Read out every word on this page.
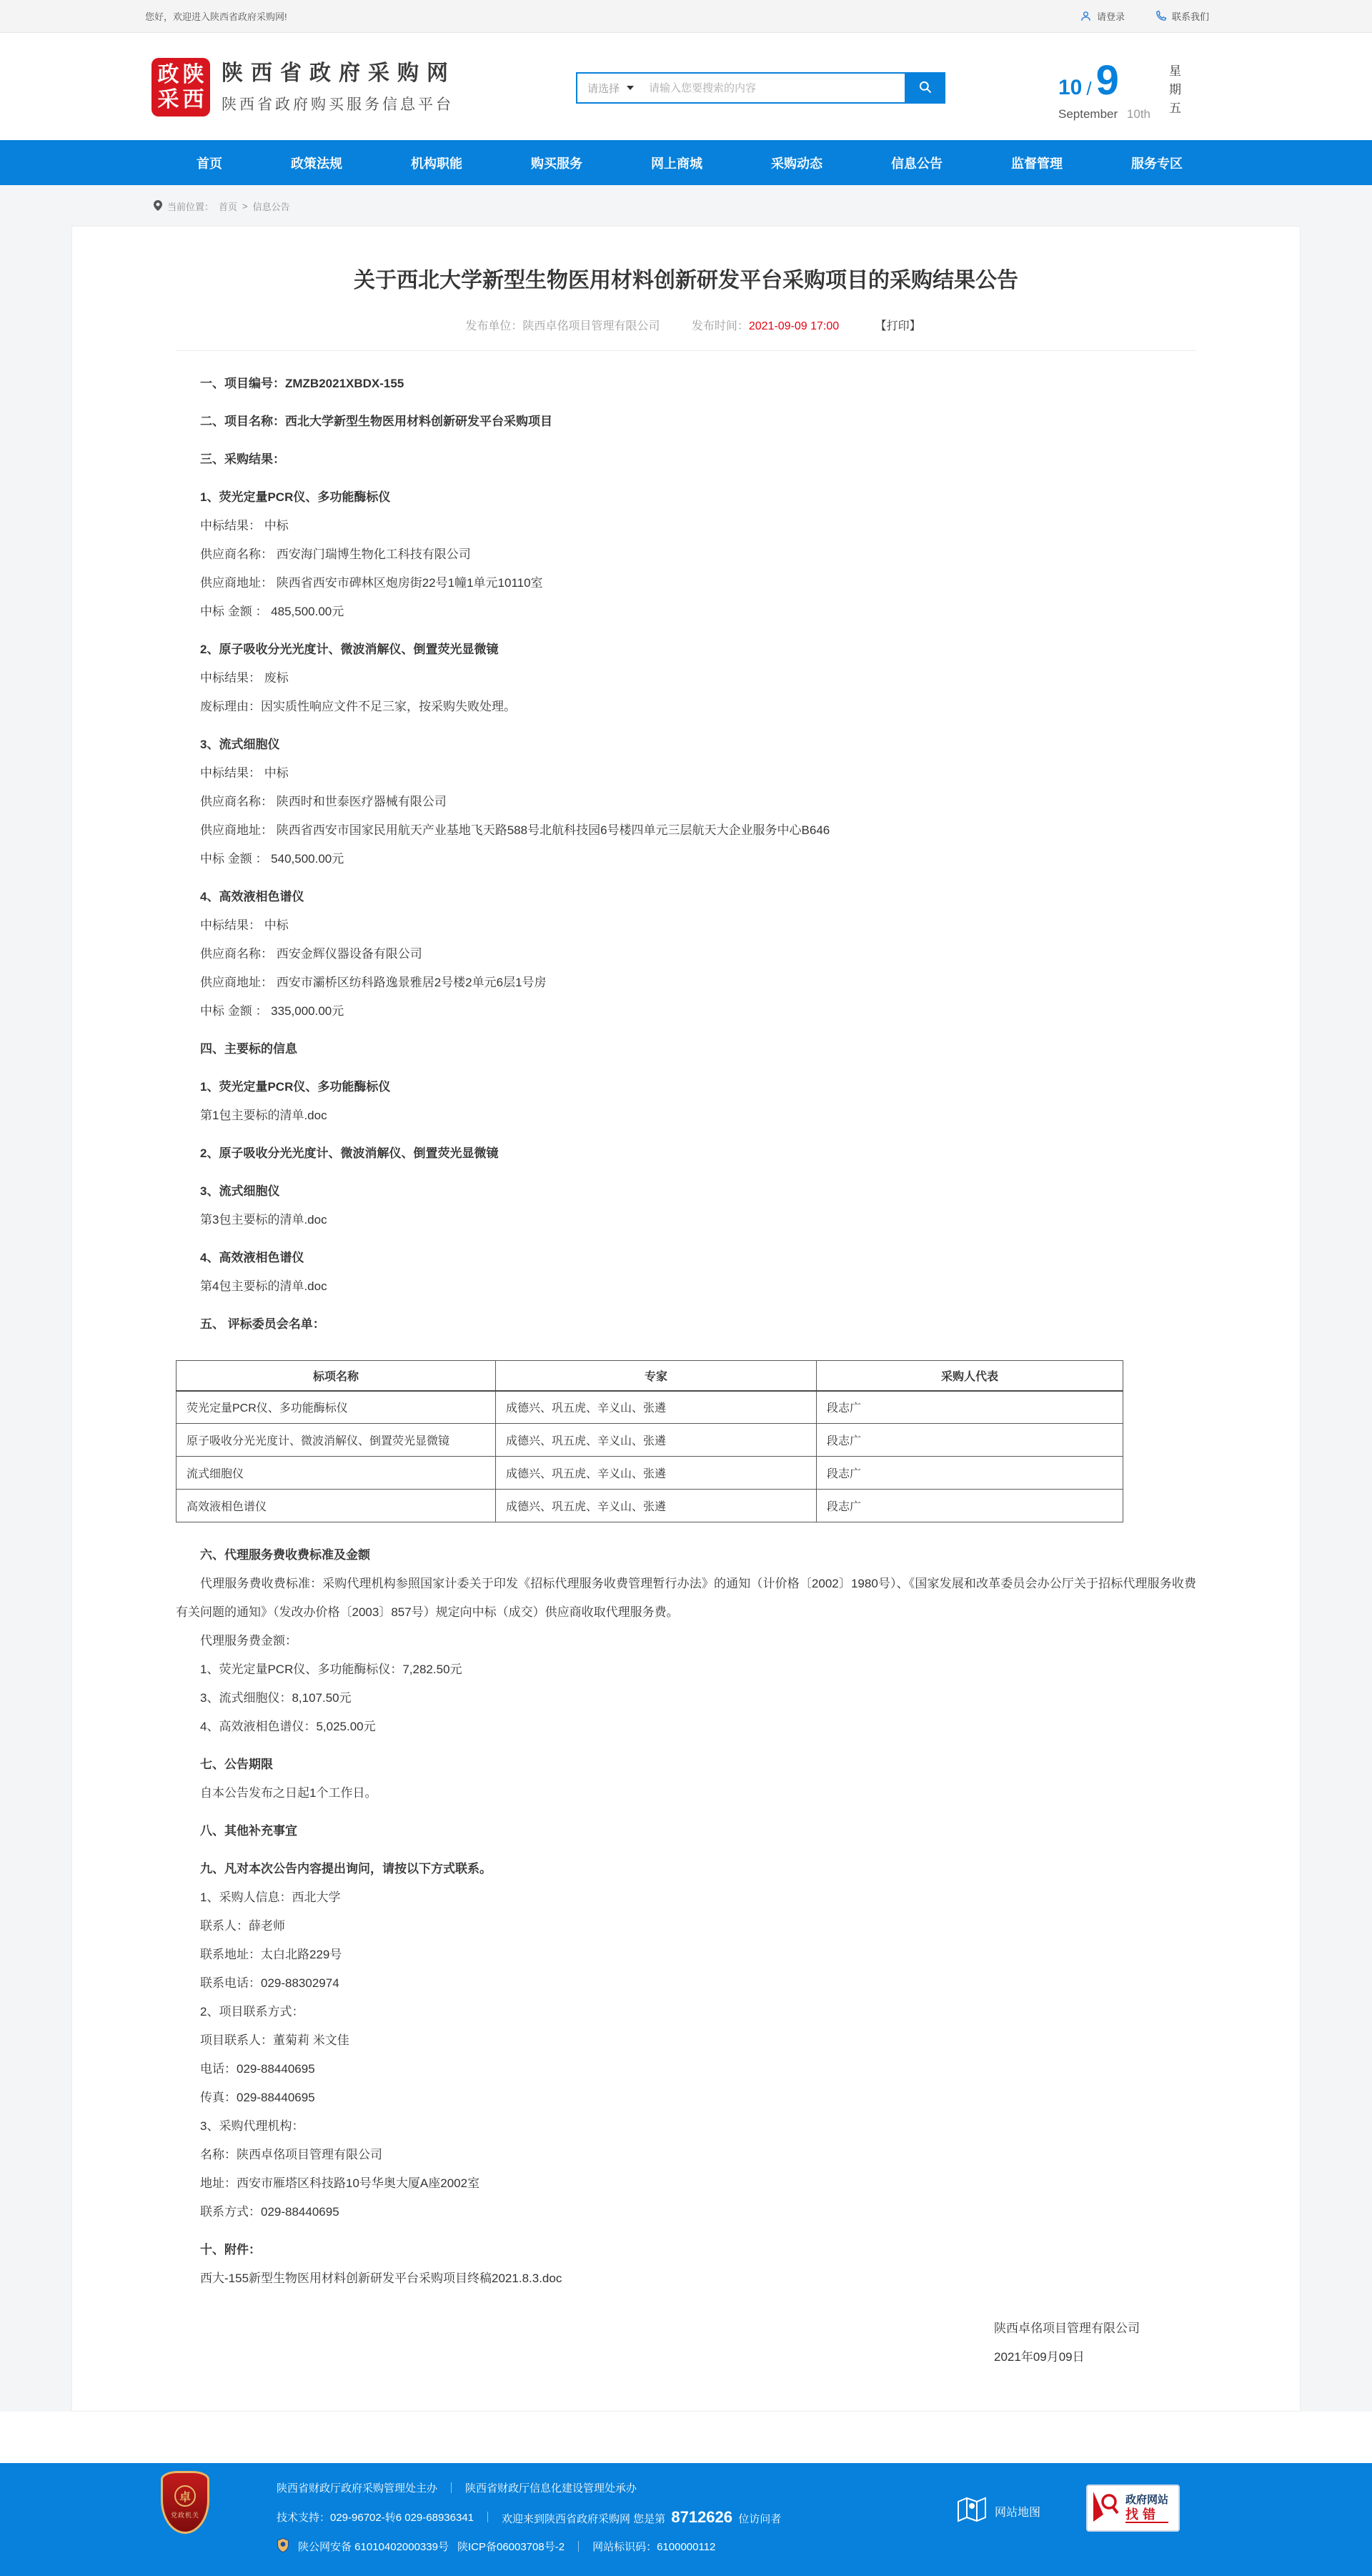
您好，欢迎进入陕西省政府采购网!	请登录	联系我们
政 陕
采 西
陕西省政府采购网
陕西省政府购买服务信息平台
请选择
请输入您要搜索的内容	10 / 9
September 10th 星期五
首页	政策法规	机构职能	购买服务	网上商城	采购动态	信息公告	监督管理	服务专区
当前位置： 首页 > 信息公告
关于西北大学新型生物医用材料创新研发平台采购项目的采购结果公告
发布单位：陕西卓佲项目管理有限公司	发布时间：2021-09-09 17:00	【打印】

一、项目编号：ZMZB2021XBDX-155

二、项目名称：西北大学新型生物医用材料创新研发平台采购项目

三、采购结果：

1、荧光定量PCR仪、多功能酶标仪

中标结果： 中标

供应商名称： 西安海门瑞博生物化工科技有限公司

供应商地址： 陕西省西安市碑林区炮房街22号1幢1单元10110室

中标 金额 ： 485,500.00元

2、原子吸收分光光度计、微波消解仪、倒置荧光显微镜

中标结果： 废标

废标理由：因实质性响应文件不足三家，按采购失败处理。

3、流式细胞仪

中标结果： 中标

供应商名称： 陕西时和世泰医疗器械有限公司

供应商地址： 陕西省西安市国家民用航天产业基地飞天路588号北航科技园6号楼四单元三层航天大企业服务中心B646

中标 金额 ： 540,500.00元

4、高效液相色谱仪

中标结果： 中标

供应商名称： 西安金辉仪器设备有限公司

供应商地址： 西安市灞桥区纺科路逸景雅居2号楼2单元6层1号房

中标 金额 ： 335,000.00元

四、主要标的信息

1、荧光定量PCR仪、多功能酶标仪

第1包主要标的清单.doc

2、原子吸收分光光度计、微波消解仪、倒置荧光显微镜

3、流式细胞仪

第3包主要标的清单.doc

4、高效液相色谱仪

第4包主要标的清单.doc

五、 评标委员会名单：

标项名称	专家	采购人代表
荧光定量PCR仪、多功能酶标仪	成德兴、巩五虎、辛义山、张遴	段志广
原子吸收分光光度计、微波消解仪、倒置荧光显微镜	成德兴、巩五虎、辛义山、张遴	段志广
流式细胞仪	成德兴、巩五虎、辛义山、张遴	段志广
高效液相色谱仪	成德兴、巩五虎、辛义山、张遴	段志广

六、代理服务费收费标准及金额

代理服务费收费标准：采购代理机构参照国家计委关于印发《招标代理服务收费管理暂行办法》的通知（计价格〔2002〕1980号）、《国家发展和改革委员会办公厅关于招标代理服务收费有关问题的通知》（发改办价格〔2003〕857号）规定向中标（成交）供应商收取代理服务费。

代理服务费金额：

1、荧光定量PCR仪、多功能酶标仪：7,282.50元

3、流式细胞仪：8,107.50元

4、高效液相色谱仪：5,025.00元

七、公告期限

自本公告发布之日起1个工作日。

八、其他补充事宜

九、凡对本次公告内容提出询问，请按以下方式联系。

1、采购人信息：西北大学

联系人：薛老师

联系地址：太白北路229号

联系电话：029-88302974

2、项目联系方式：

项目联系人：董菊莉 米文佳

电话：029-88440695

传真：029-88440695

3、采购代理机构：

名称：陕西卓佲项目管理有限公司

地址：西安市雁塔区科技路10号华奥大厦A座2002室

联系方式：029-88440695

十、附件：

西大-155新型生物医用材料创新研发平台采购项目终稿2021.8.3.doc

陕西卓佲项目管理有限公司
2021年09月09日
卓
党政机关
陕西省财政厅政府采购管理处主办 ｜ 陕西省财政厅信息化建设管理处承办
技术支持：029-96702-转6 029-68936341 ｜ 欢迎来到陕西省政府采购网 您是第 8712626 位访问者
陕公网安备 61010402000339号 陕ICP备06003708号-2 ｜ 网站标识码：6100000112
网站地图
政府网站
找错
